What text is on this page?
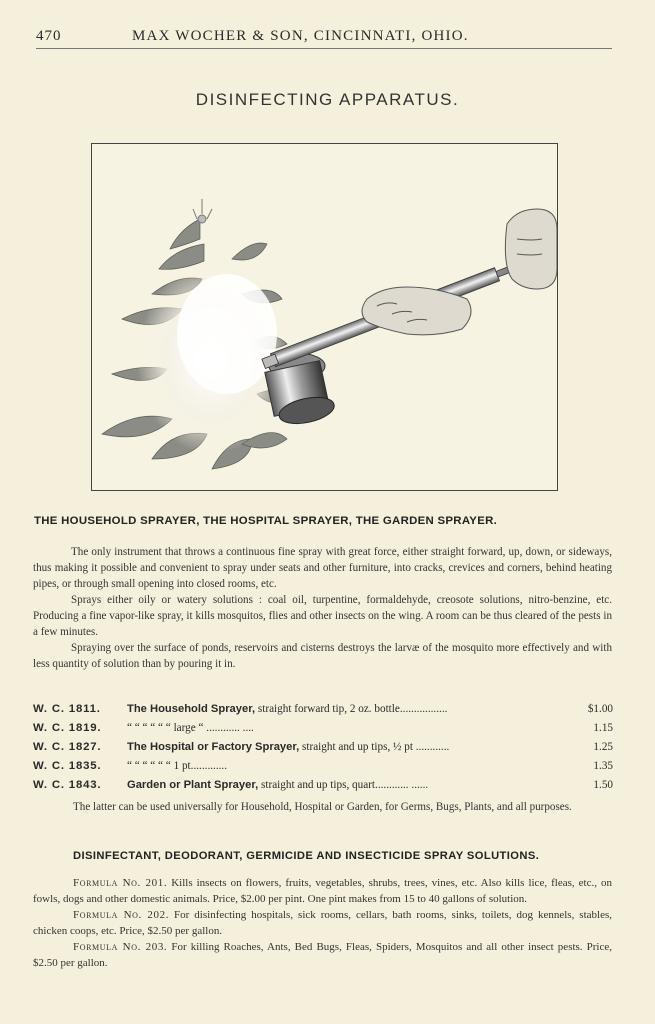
470	MAX WOCHER & SON, CINCINNATI, OHIO.
DISINFECTING APPARATUS.
THE HOUSEHOLD SPRAYER, THE HOSPITAL SPRAYER, THE GARDEN SPRAYER.

The only instrument that throws a continuous fine spray with great force, either straight forward, up, down, or sideways, thus making it possible and convenient to spray under seats and other furniture, into cracks, crevices and corners, behind heating pipes, or through small opening into closed rooms, etc.

Sprays either oily or watery solutions : coal oil, turpentine, formaldehyde, creosote solutions, nitro-benzine, etc. Producing a fine vapor-like spray, it kills mosquitos, flies and other insects on the wing. A room can be thus cleared of the pests in a few minutes.

Spraying over the surface of ponds, reservoirs and cisterns destroys the larvæ of the mosquito more effectively and with less quantity of solution than by pouring it in.

W. C. 1811. The Household Sprayer, straight forward tip, 2 oz. bottle.................	$1.00
W. C. 1819. “ “ “ “ “ “ large “ ............ ....	1.15
W. C. 1827. The Hospital or Factory Sprayer, straight and up tips, ½ pt ............	1.25
W. C. 1835. “ “ “ “ “ “ 1 pt.............	1.35
W. C. 1843. Garden or Plant Sprayer, straight and up tips, quart............ ......	1.50
The latter can be used universally for Household, Hospital or Garden, for Germs, Bugs, Plants, and all purposes.
DISINFECTANT, DEODORANT, GERMICIDE AND INSECTICIDE SPRAY SOLUTIONS.

Formula No. 201. Kills insects on flowers, fruits, vegetables, shrubs, trees, vines, etc. Also kills lice, fleas, etc., on fowls, dogs and other domestic animals. Price, $2.00 per pint. One pint makes from 15 to 40 gallons of solution.

Formula No. 202. For disinfecting hospitals, sick rooms, cellars, bath rooms, sinks, toilets, dog kennels, stables, chicken coops, etc. Price, $2.50 per gallon.

Formula No. 203. For killing Roaches, Ants, Bed Bugs, Fleas, Spiders, Mosquitos and all other insect pests. Price, $2.50 per gallon.
